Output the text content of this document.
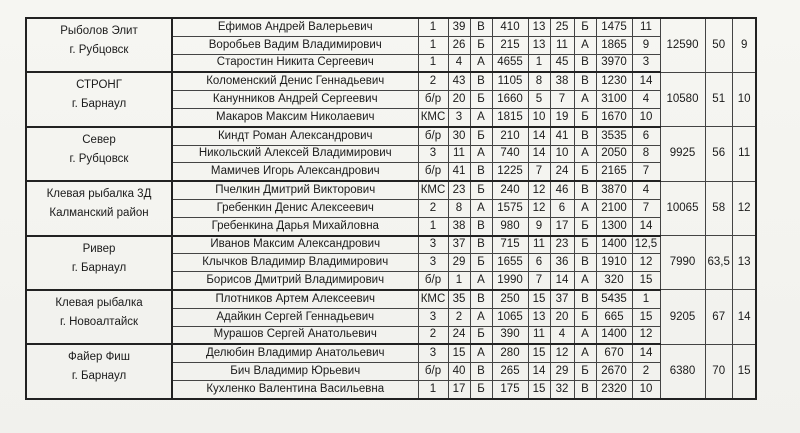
Рыболов Элит
г. Рубцовск	Ефимов Андрей Валерьевич	1	39	В	410	13	25	Б	1475	11	12590	50	9
	Воробьев Вадим Владимирович	1	26	Б	215	13	11	А	1865	9			
	Старостин Никита Сергеевич	1	4	А	4655	1	45	В	3970	3			

СТРОНГ
г. Барнаул	Коломенский Денис Геннадьевич	2	43	В	1105	8	38	В	1230	14	10580	51	10
	Канунников Андрей Сергеевич	б/р	20	Б	1660	5	7	А	3100	4			
	Макаров Максим Николаевич	КМС	3	А	1815	10	19	Б	1670	10			

Север
г. Рубцовск	Киндт Роман Александрович	б/р	30	Б	210	14	41	В	3535	6	9925	56	11
	Никольский Алексей Владимирович	3	11	А	740	14	10	А	2050	8			
	Мамичев Игорь Александрович	б/р	41	В	1225	7	24	Б	2165	7			

Клевая рыбалка 3Д
Калманский район	Пчелкин Дмитрий Викторович	КМС	23	Б	240	12	46	В	3870	4	10065	58	12
	Гребенкин Денис Алексеевич	2	8	А	1575	12	6	А	2100	7			
	Гребенкина Дарья Михайловна	1	38	В	980	9	17	Б	1300	14			

Ривер
г. Барнаул	Иванов Максим Александрович	3	37	В	715	11	23	Б	1400	12,5	7990	63,5	13
	Клычков Владимир Владимирович	3	29	Б	1655	6	36	В	1910	12			
	Борисов Дмитрий Владимирович	б/р	1	А	1990	7	14	А	320	15			

Клевая рыбалка
г. Новоалтайск	Плотников Артем Алексеевич	КМС	35	В	250	15	37	В	5435	1	9205	67	14
	Адайкин Сергей Геннадьевич	3	2	А	1065	13	20	Б	665	15			
	Мурашов Сергей Анатольевич	2	24	Б	390	11	4	А	1400	12			

Файер Фиш
г. Барнаул	Делюбин Владимир Анатольевич	3	15	А	280	15	12	А	670	14	6380	70	15
	Бич Владимир Юрьевич	б/р	40	В	265	14	29	Б	2670	2			
	Кухленко Валентина Васильевна	1	17	Б	175	15	32	В	2320	10			
